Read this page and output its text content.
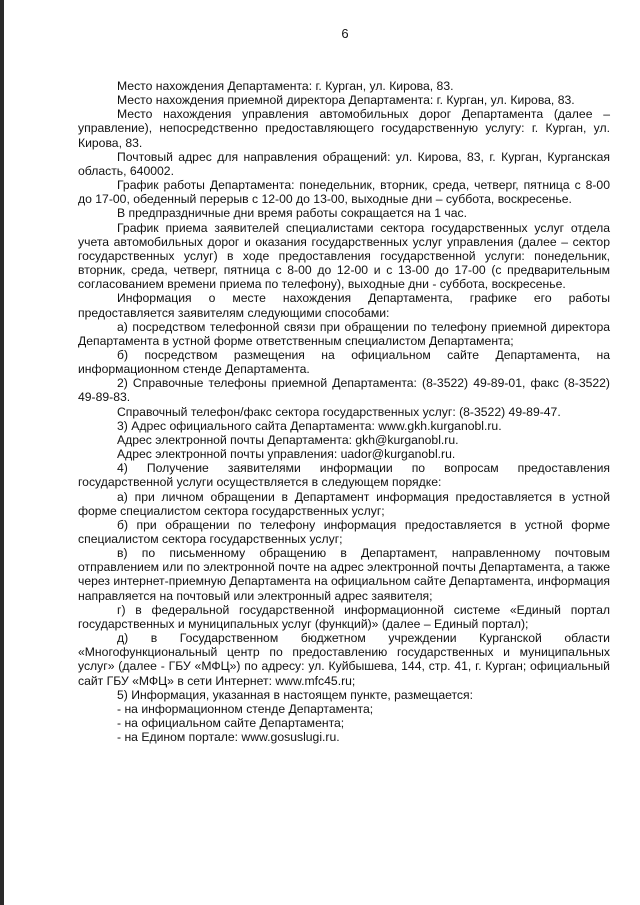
6

Место нахождения Департамента: г. Курган, ул. Кирова, 83.

Место нахождения приемной директора Департамента: г. Курган, ул. Кирова, 83.

Место нахождения управления автомобильных дорог Департамента (далее – управление), непосредственно предоставляющего государственную услугу: г. Курган, ул. Кирова, 83.

Почтовый адрес для направления обращений: ул. Кирова, 83, г. Курган, Курганская область, 640002.

График работы Департамента: понедельник, вторник, среда, четверг, пятница с 8-00 до 17-00, обеденный перерыв с 12-00 до 13-00, выходные дни – суббота, воскресенье.

В предпраздничные дни время работы сокращается на 1 час.

График приема заявителей специалистами сектора государственных услуг отдела учета автомобильных дорог и оказания государственных услуг управления (далее – сектор государственных услуг) в ходе предоставления государственной услуги: понедельник, вторник, среда, четверг, пятница с 8-00 до 12-00 и с 13-00 до 17-00 (с предварительным согласованием времени приема по телефону), выходные дни - суббота, воскресенье.

Информация о месте нахождения Департамента, графике его работы предоставляется заявителям следующими способами:

а) посредством телефонной связи при обращении по телефону приемной директора Департамента в устной форме ответственным специалистом Департамента;

б) посредством размещения на официальном сайте Департамента, на информационном стенде Департамента.

2) Справочные телефоны приемной Департамента: (8-3522) 49-89-01, факс (8-3522) 49-89-83.

Справочный телефон/факс сектора государственных услуг: (8-3522) 49-89-47.

3) Адрес официального сайта Департамента: www.gkh.kurganobl.ru.

Адрес электронной почты Департамента: gkh@kurganobl.ru.

Адрес электронной почты управления: uador@kurganobl.ru.

4) Получение заявителями информации по вопросам предоставления государственной услуги осуществляется в следующем порядке:

а) при личном обращении в Департамент информация предоставляется в устной форме специалистом сектора государственных услуг;

б) при обращении по телефону информация предоставляется в устной форме специалистом сектора государственных услуг;

в) по письменному обращению в Департамент, направленному почтовым отправлением или по электронной почте на адрес электронной почты Департамента, а также через интернет-приемную Департамента на официальном сайте Департамента, информация направляется на почтовый или электронный адрес заявителя;

г) в федеральной государственной информационной системе «Единый портал государственных и муниципальных услуг (функций)» (далее – Единый портал);

д) в Государственном бюджетном учреждении Курганской области «Многофункциональный центр по предоставлению государственных и муниципальных услуг» (далее - ГБУ «МФЦ») по адресу: ул. Куйбышева, 144, стр. 41, г. Курган; официальный сайт ГБУ «МФЦ» в сети Интернет: www.mfc45.ru;

5) Информация, указанная в настоящем пункте, размещается:

- на информационном стенде Департамента;

- на официальном сайте Департамента;

- на Едином портале: www.gosuslugi.ru.
